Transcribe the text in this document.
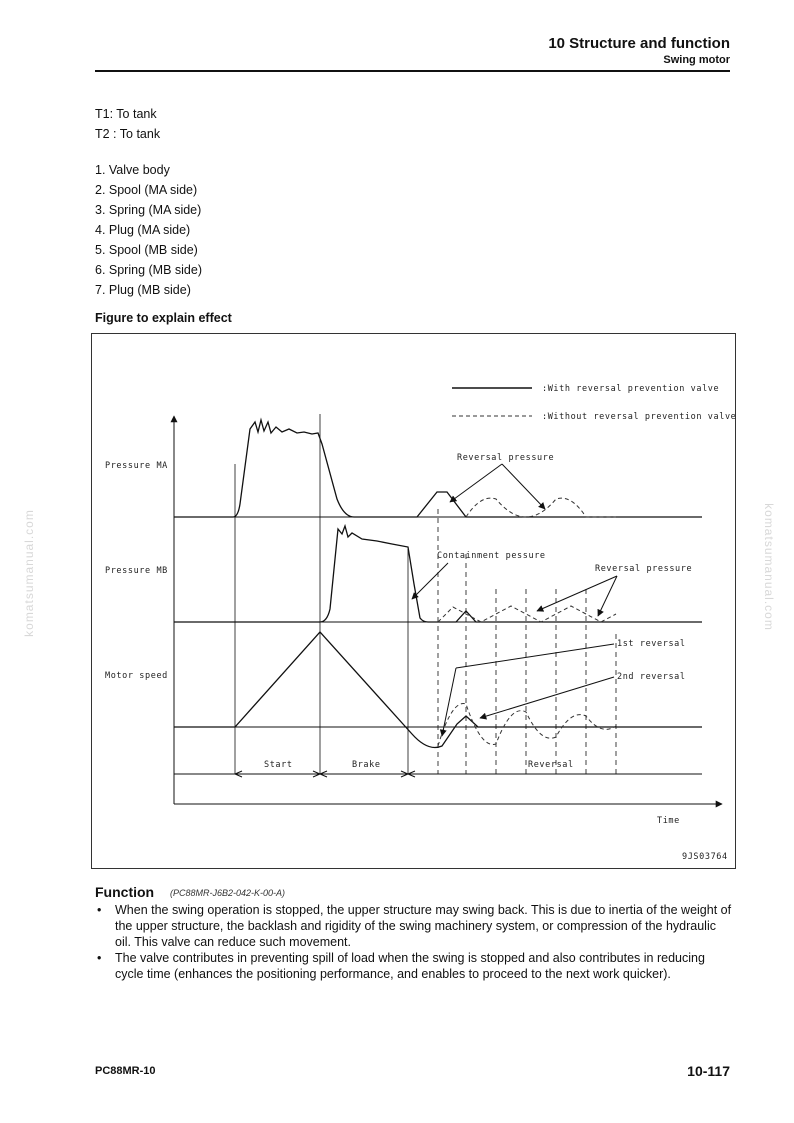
10 Structure and function
Swing motor
T1: To tank
T2 : To tank
1. Valve body
2. Spool (MA side)
3. Spring (MA side)
4. Plug (MA side)
5. Spool (MB side)
6. Spring (MB side)
7. Plug (MB side)
Figure to explain effect
:With reversal prevention valve
:Without reversal prevention valve
Time
Pressure MA
Pressure MB
Motor speed
Reversal pressure
Containment pessure
Reversal pressure
1st reversal
2nd reversal
Start	Brake	Reversal
9JS03764
Function (PC88MR-J6B2-042-K-00-A)
• When the swing operation is stopped, the upper structure may swing back. This is due to inertia of the weight of the upper structure, the backlash and rigidity of the swing machinery system, or compression of the hydraulic oil. This valve can reduce such movement.
• The valve contributes in preventing spill of load when the swing is stopped and also contributes in reducing cycle time (enhances the positioning performance, and enables to proceed to the next work quicker).
PC88MR-10	10-117
komatsumanual.com	komatsumanual.com
